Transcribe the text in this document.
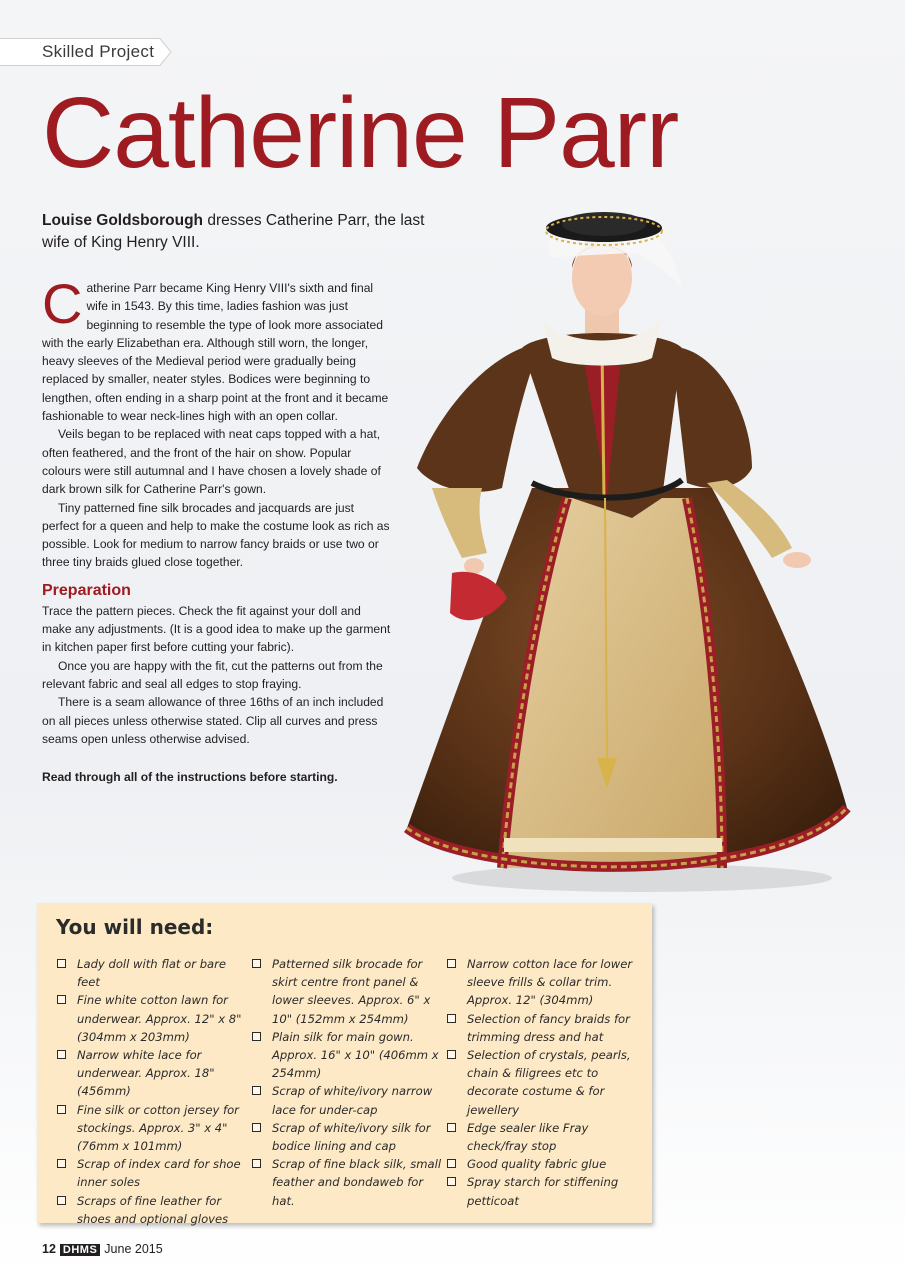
Skilled Project
Catherine Parr
Louise Goldsborough dresses Catherine Parr, the last wife of King Henry VIII.

Catherine Parr became King Henry VIII's sixth and final wife in 1543. By this time, ladies fashion was just beginning to resemble the type of look more associated with the early Elizabethan era. Although still worn, the longer, heavy sleeves of the Medieval period were gradually being replaced by smaller, neater styles. Bodices were beginning to lengthen, often ending in a sharp point at the front and it became fashionable to wear neck-lines high with an open collar.

Veils began to be replaced with neat caps topped with a hat, often feathered, and the front of the hair on show. Popular colours were still autumnal and I have chosen a lovely shade of dark brown silk for Catherine Parr's gown.

Tiny patterned fine silk brocades and jacquards are just perfect for a queen and help to make the costume look as rich as possible. Look for medium to narrow fancy braids or use two or three tiny braids glued close together.

Preparation

Trace the pattern pieces. Check the fit against your doll and make any adjustments. (It is a good idea to make up the garment in kitchen paper first before cutting your fabric).

Once you are happy with the fit, cut the patterns out from the relevant fabric and seal all edges to stop fraying.

There is a seam allowance of three 16ths of an inch included on all pieces unless otherwise stated. Clip all curves and press seams open unless otherwise advised.

Read through all of the instructions before starting.

You will need:
Lady doll with flat or bare feet
Fine white cotton lawn for underwear. Approx. 12" x 8" (304mm x 203mm)
Narrow white lace for underwear. Approx. 18" (456mm)
Fine silk or cotton jersey for stockings. Approx. 3" x 4" (76mm x 101mm)
Scrap of index card for shoe inner soles
Scraps of fine leather for shoes and optional gloves
Patterned silk brocade for skirt centre front panel & lower sleeves. Approx. 6" x 10" (152mm x 254mm)
Plain silk for main gown. Approx. 16" x 10" (406mm x 254mm)
Scrap of white/ivory narrow lace for under-cap
Scrap of white/ivory silk for bodice lining and cap
Scrap of fine black silk, small feather and bondaweb for hat.
Narrow cotton lace for lower sleeve frills & collar trim. Approx. 12" (304mm)
Selection of fancy braids for trimming dress and hat
Selection of crystals, pearls, chain & filigrees etc to decorate costume & for jewellery
Edge sealer like Fray check/fray stop
Good quality fabric glue
Spray starch for stiffening petticoat
12 DHMS June 2015
